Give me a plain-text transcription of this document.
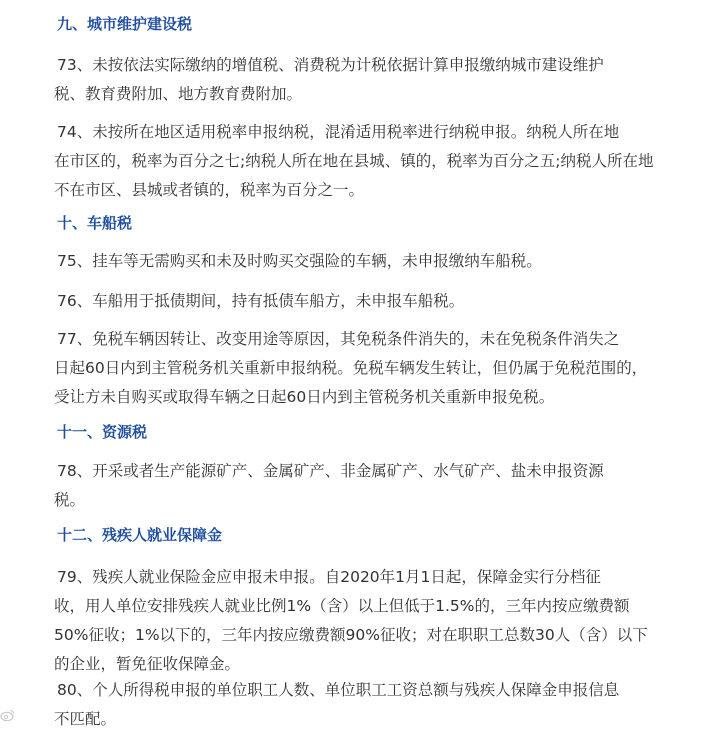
九、城市维护建设税
73、未按依法实际缴纳的增值税、消费税为计税依据计算申报缴纳城市建设维护
税、教育费附加、地方教育费附加。
74、未按所在地区适用税率申报纳税，混淆适用税率进行纳税申报。纳税人所在地
在市区的，税率为百分之七;纳税人所在地在县城、镇的，税率为百分之五;纳税人所在地
不在市区、县城或者镇的，税率为百分之一。
十、车船税
75、挂车等无需购买和未及时购买交强险的车辆，未申报缴纳车船税。
76、车船用于抵债期间，持有抵债车船方，未申报车船税。
77、免税车辆因转让、改变用途等原因，其免税条件消失的，未在免税条件消失之
日起60日内到主管税务机关重新申报纳税。免税车辆发生转让，但仍属于免税范围的，
受让方未自购买或取得车辆之日起60日内到主管税务机关重新申报免税。
十一、资源税
78、开采或者生产能源矿产、金属矿产、非金属矿产、水气矿产、盐未申报资源
税。
十二、残疾人就业保障金
79、残疾人就业保险金应申报未申报。自2020年1月1日起，保障金实行分档征
收，用人单位安排残疾人就业比例1%（含）以上但低于1.5%的，三年内按应缴费额
50%征收；1%以下的，三年内按应缴费额90%征收；对在职职工总数30人（含）以下
的企业，暂免征收保障金。
80、个人所得税申报的单位职工人数、单位职工工资总额与残疾人保障金申报信息
不匹配。
